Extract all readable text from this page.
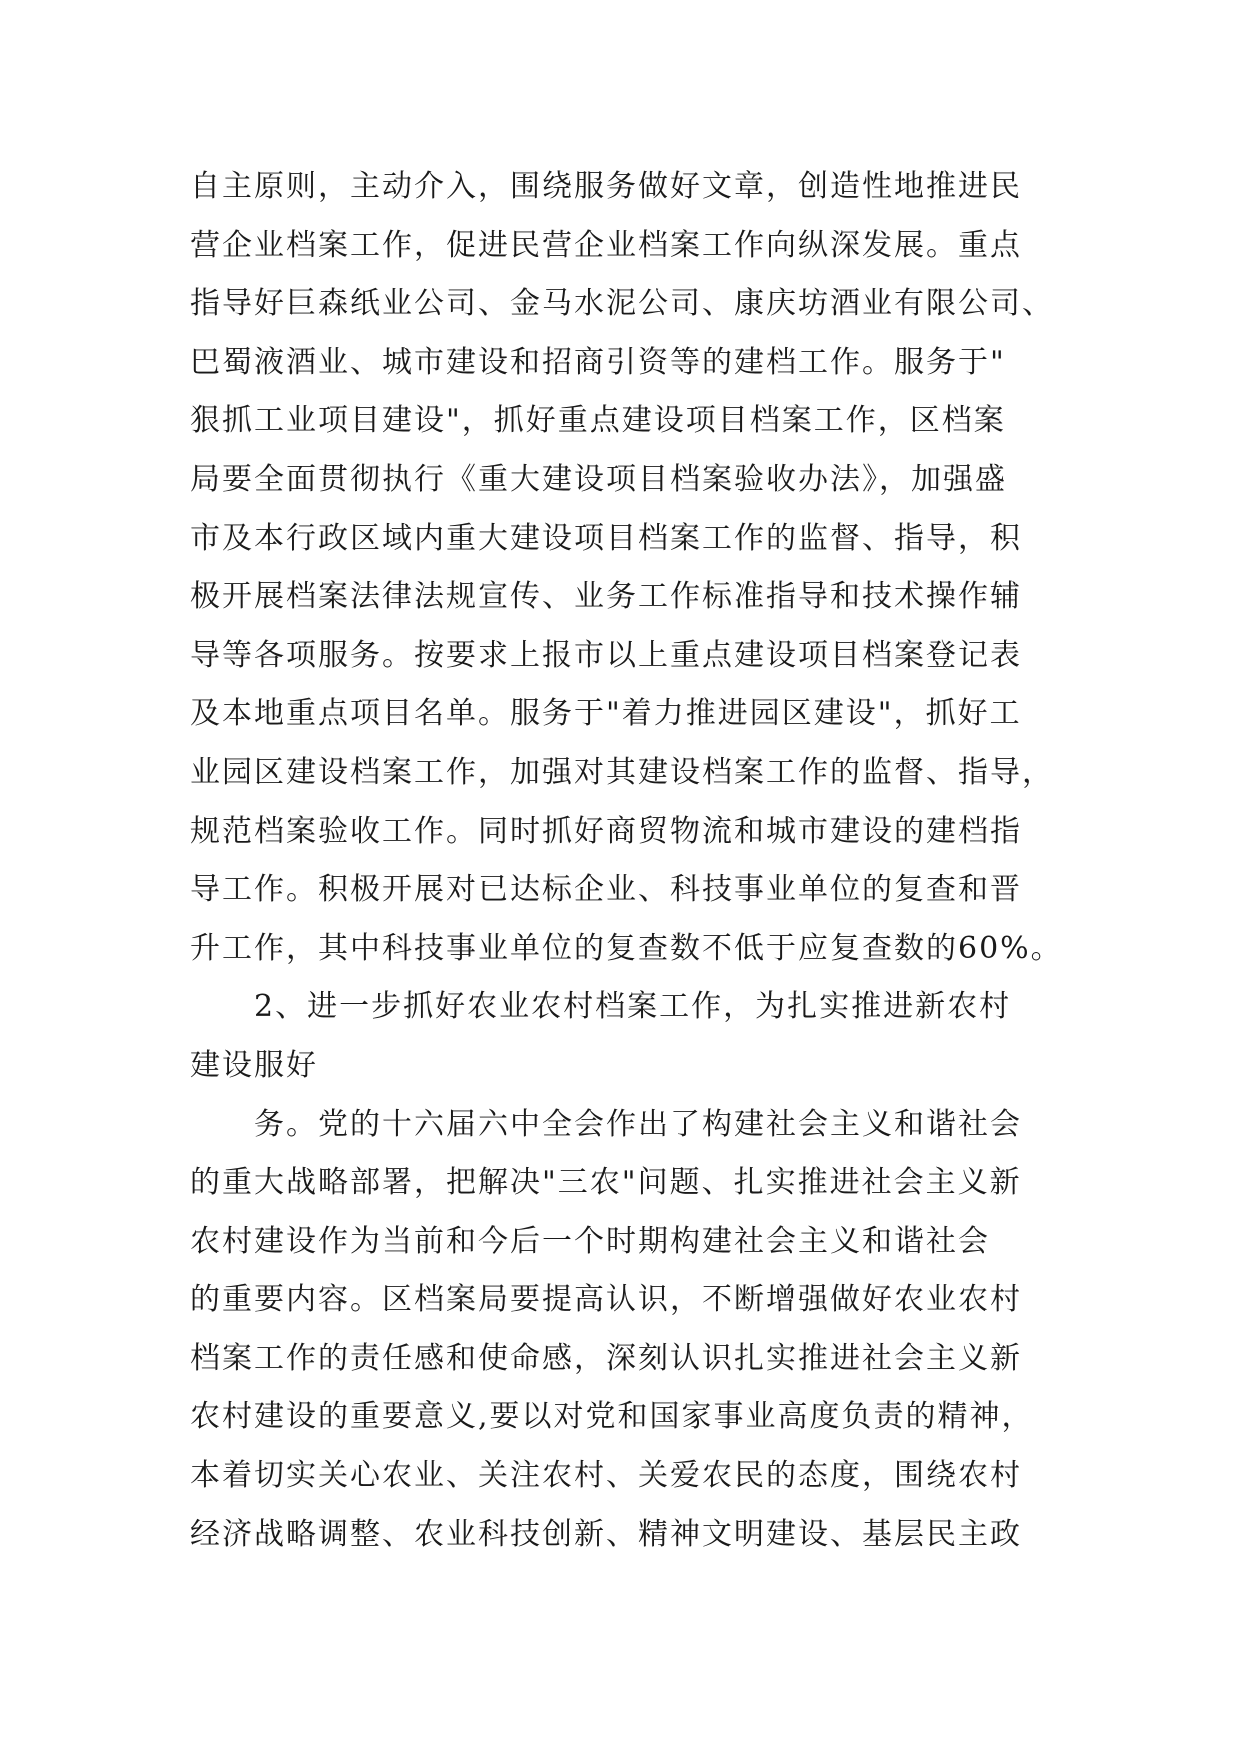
自主原则，主动介入，围绕服务做好文章，创造性地推进民
营企业档案工作，促进民营企业档案工作向纵深发展。重点
指导好巨森纸业公司、金马水泥公司、康庆坊酒业有限公司、
巴蜀液酒业、城市建设和招商引资等的建档工作。服务于"
狠抓工业项目建设"，抓好重点建设项目档案工作，区档案
局要全面贯彻执行《重大建设项目档案验收办法》，加强盛
市及本行政区域内重大建设项目档案工作的监督、指导，积
极开展档案法律法规宣传、业务工作标准指导和技术操作辅
导等各项服务。按要求上报市以上重点建设项目档案登记表
及本地重点项目名单。服务于"着力推进园区建设"，抓好工
业园区建设档案工作，加强对其建设档案工作的监督、指导，
规范档案验收工作。同时抓好商贸物流和城市建设的建档指
导工作。积极开展对已达标企业、科技事业单位的复查和晋
升工作，其中科技事业单位的复查数不低于应复查数的60%。
2、进一步抓好农业农村档案工作，为扎实推进新农村
建设服好
务。党的十六届六中全会作出了构建社会主义和谐社会
的重大战略部署，把解决"三农"问题、扎实推进社会主义新
农村建设作为当前和今后一个时期构建社会主义和谐社会
的重要内容。区档案局要提高认识，不断增强做好农业农村
档案工作的责任感和使命感，深刻认识扎实推进社会主义新
农村建设的重要意义,要以对党和国家事业高度负责的精神，
本着切实关心农业、关注农村、关爱农民的态度，围绕农村
经济战略调整、农业科技创新、精神文明建设、基层民主政
